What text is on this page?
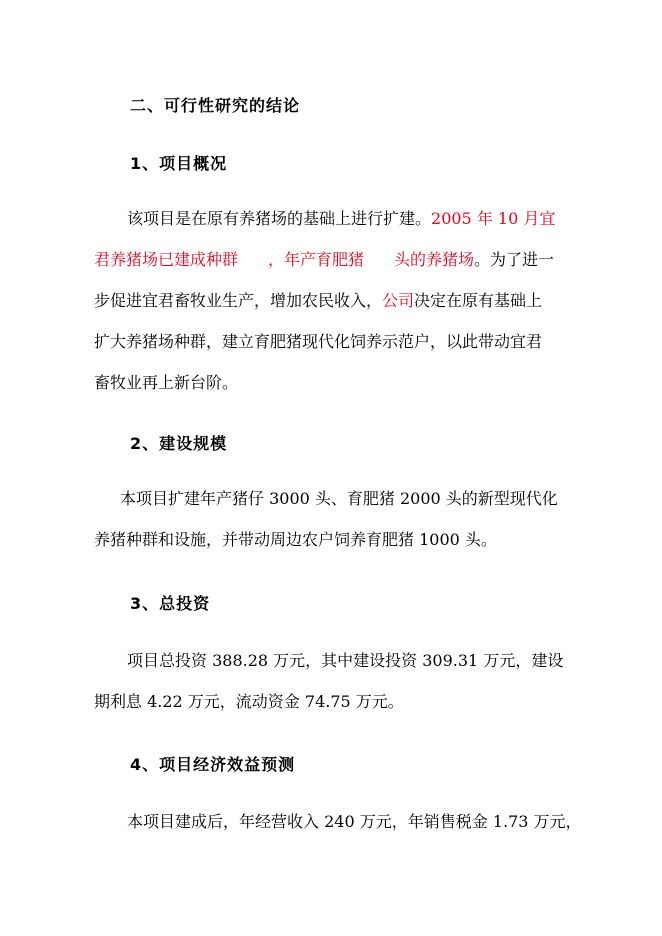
二、可行性研究的结论
1、项目概况
该项目是在原有养猪场的基础上进行扩建。2005 年 10 月宜
君养猪场已建成种群 ，年产育肥猪 头的养猪场。为了进一
步促进宜君畜牧业生产，增加农民收入，公司决定在原有基础上
扩大养猪场种群，建立育肥猪现代化饲养示范户，以此带动宜君
畜牧业再上新台阶。
2、建设规模
本项目扩建年产猪仔 3000 头、育肥猪 2000 头的新型现代化
养猪种群和设施，并带动周边农户饲养育肥猪 1000 头。
3、总投资
项目总投资 388.28 万元，其中建设投资 309.31 万元，建设
期利息 4.22 万元，流动资金 74.75 万元。
4、项目经济效益预测
本项目建成后，年经营收入 240 万元，年销售税金 1.73 万元，
